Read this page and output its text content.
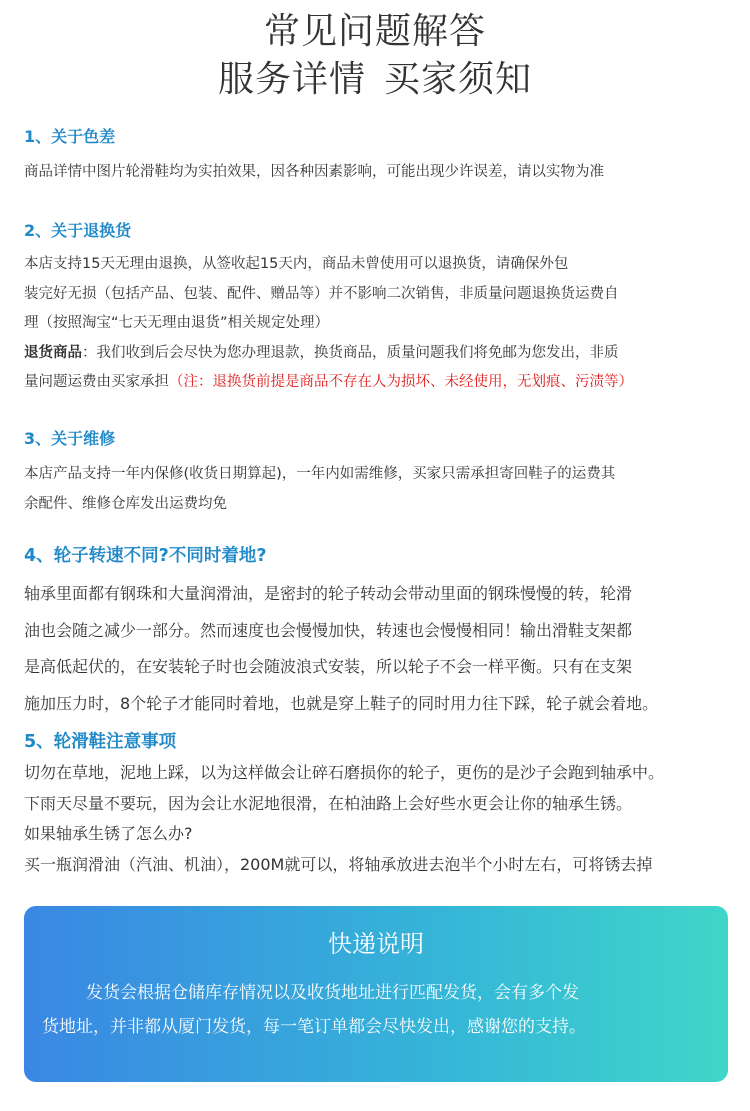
常见问题解答
服务详情 买家须知
1、关于色差

商品详情中图片轮滑鞋均为实拍效果，因各种因素影响，可能出现少许误差，请以实物为准

2、关于退换货

本店支持15天无理由退换，从签收起15天内，商品未曾使用可以退换货，请确保外包

装完好无损（包括产品、包装、配件、赠品等）并不影响二次销售，非质量问题退换货运费自

理（按照淘宝“七天无理由退货”相关规定处理）

退货商品：我们收到后会尽快为您办理退款，换货商品，质量问题我们将免邮为您发出，非质

量问题运费由买家承担（注：退换货前提是商品不存在人为损坏、未经使用，无划痕、污渍等）

3、关于维修

本店产品支持一年内保修(收货日期算起)，一年内如需维修，买家只需承担寄回鞋子的运费其

余配件、维修仓库发出运费均免

4、轮子转速不同?不同时着地?

轴承里面都有钢珠和大量润滑油，是密封的轮子转动会带动里面的钢珠慢慢的转，轮滑

油也会随之减少一部分。然而速度也会慢慢加快，转速也会慢慢相同！输出滑鞋支架都

是高低起伏的，在安装轮子时也会随波浪式安装，所以轮子不会一样平衡。只有在支架

施加压力时，8个轮子才能同时着地，也就是穿上鞋子的同时用力往下踩，轮子就会着地。

5、轮滑鞋注意事项

切勿在草地，泥地上踩，以为这样做会让碎石磨损你的轮子，更伤的是沙子会跑到轴承中。

下雨天尽量不要玩，因为会让水泥地很滑，在柏油路上会好些水更会让你的轴承生锈。

如果轴承生锈了怎么办?

买一瓶润滑油（汽油、机油），200M就可以，将轴承放进去泡半个小时左右，可将锈去掉

快递说明

发货会根据仓储库存情况以及收货地址进行匹配发货，会有多个发

货地址，并非都从厦门发货，每一笔订单都会尽快发出，感谢您的支持。
